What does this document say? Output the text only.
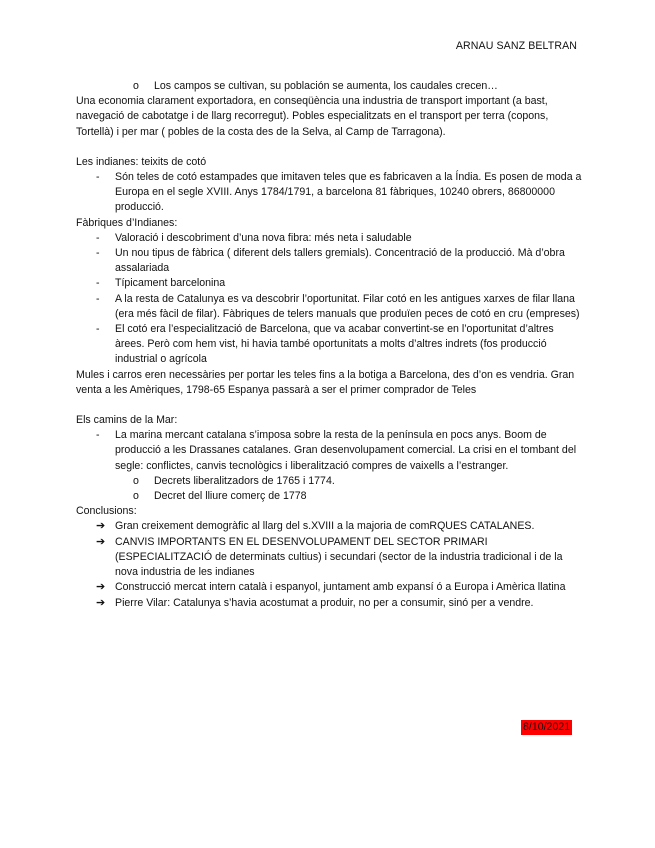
ARNAU SANZ BELTRAN
o Los campos se cultivan, su población se aumenta, los caudales crecen…

Una economia clarament exportadora, en conseqüència una industria de transport important (a bast, navegació de cabotatge i de llarg recorregut). Pobles especialitzats en el transport per terra (copons, Tortellà) i per mar ( pobles de la costa des de la Selva, al Camp de Tarragona).

Les indianes: teixits de cotó

- Són teles de cotó estampades que imitaven teles que es fabricaven a la Índia. Es posen de moda a Europa en el segle XVIII. Anys 1784/1791, a barcelona 81 fàbriques, 10240 obrers, 86800000 producció.

Fàbriques d’Indianes:

- Valoració i descobriment d’una nova fibra: més neta i saludable
- Un nou tipus de fàbrica ( diferent dels tallers gremials). Concentració de la producció. Mà d’obra assalariada
- Típicament barcelonina
- A la resta de Catalunya es va descobrir l’oportunitat. Filar cotó en les antigues xarxes de filar llana (era més fàcil de filar). Fàbriques de telers manuals que produïen peces de cotó en cru (empreses)
- El cotó era l’especialització de Barcelona, que va acabar convertint-se en l’oportunitat d’altres àrees. Però com hem vist, hi havia també oportunitats a molts d’altres indrets (fos producció industrial o agrícola

Mules i carros eren necessàries per portar les teles fins a la botiga a Barcelona, des d’on es vendria. Gran venta a les Amèriques, 1798-65 Espanya passarà a ser el primer comprador de Teles

Els camins de la Mar:

- La marina mercant catalana s’imposa sobre la resta de la península en pocs anys. Boom de producció a les Drassanes catalanes. Gran desenvolupament comercial. La crisi en el tombant del segle: conflictes, canvis tecnològics i liberalització compres de vaixells a l’estranger.
o Decrets liberalitzadors de 1765 i 1774.
o Decret del lliure comerç de 1778

Conclusions:

➔ Gran creixement demogràfic al llarg del s.XVIII a la majoria de comRQUES CATALANES.
➔ CANVIS IMPORTANTS EN EL DESENVOLUPAMENT DEL SECTOR PRIMARI (ESPECIALITZACIÓ de determinats cultius) i secundari (sector de la industria tradicional i de la nova industria de les indianes
➔ Construcció mercat intern català i espanyol, juntament amb expansí ó a Europa i Amèrica llatina
➔ Pierre Vilar: Catalunya s’havia acostumat a produir, no per a consumir, sinó per a vendre.
8/10/2021
